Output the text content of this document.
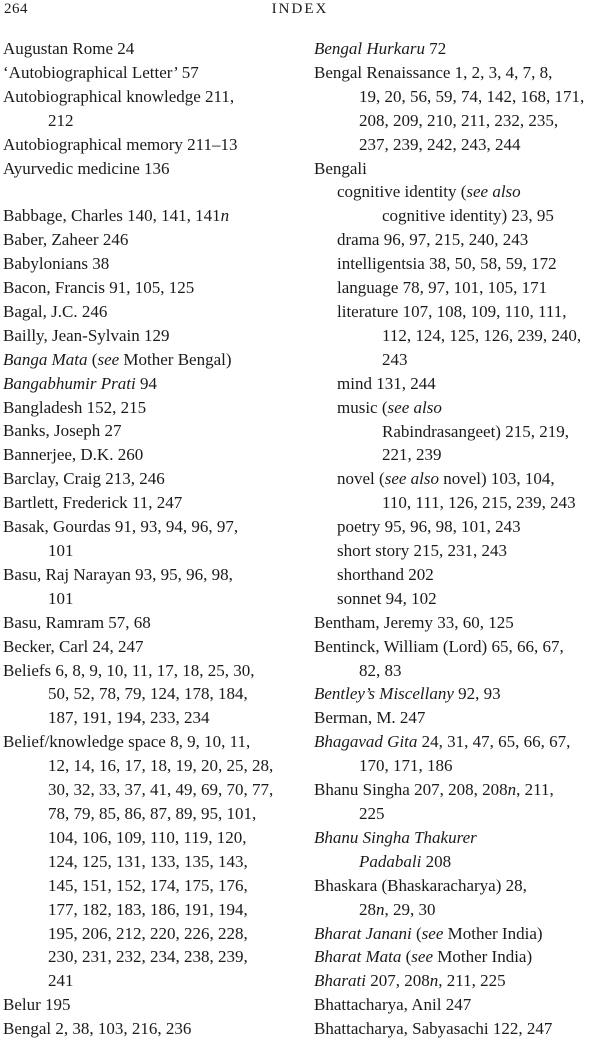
264	INDEX
Augustan Rome 24
‘Autobiographical Letter’ 57
Autobiographical knowledge 211,
212
Autobiographical memory 211–13
Ayurvedic medicine 136
Babbage, Charles 140, 141, 141n
Baber, Zaheer 246
Babylonians 38
Bacon, Francis 91, 105, 125
Bagal, J.C. 246
Bailly, Jean-Sylvain 129
Banga Mata (see Mother Bengal)
Bangabhumir Prati 94
Bangladesh 152, 215
Banks, Joseph 27
Bannerjee, D.K. 260
Barclay, Craig 213, 246
Bartlett, Frederick 11, 247
Basak, Gourdas 91, 93, 94, 96, 97,
101
Basu, Raj Narayan 93, 95, 96, 98,
101
Basu, Ramram 57, 68
Becker, Carl 24, 247
Beliefs 6, 8, 9, 10, 11, 17, 18, 25, 30,
50, 52, 78, 79, 124, 178, 184,
187, 191, 194, 233, 234
Belief/knowledge space 8, 9, 10, 11,
12, 14, 16, 17, 18, 19, 20, 25, 28,
30, 32, 33, 37, 41, 49, 69, 70, 77,
78, 79, 85, 86, 87, 89, 95, 101,
104, 106, 109, 110, 119, 120,
124, 125, 131, 133, 135, 143,
145, 151, 152, 174, 175, 176,
177, 182, 183, 186, 191, 194,
195, 206, 212, 220, 226, 228,
230, 231, 232, 234, 238, 239,
241
Belur 195
Bengal 2, 38, 103, 216, 236
Bengal Hurkaru 72
Bengal Renaissance 1, 2, 3, 4, 7, 8,
19, 20, 56, 59, 74, 142, 168, 171,
208, 209, 210, 211, 232, 235,
237, 239, 242, 243, 244
Bengali
cognitive identity (see also
cognitive identity) 23, 95
drama 96, 97, 215, 240, 243
intelligentsia 38, 50, 58, 59, 172
language 78, 97, 101, 105, 171
literature 107, 108, 109, 110, 111,
112, 124, 125, 126, 239, 240,
243
mind 131, 244
music (see also
Rabindrasangeet) 215, 219,
221, 239
novel (see also novel) 103, 104,
110, 111, 126, 215, 239, 243
poetry 95, 96, 98, 101, 243
short story 215, 231, 243
shorthand 202
sonnet 94, 102
Bentham, Jeremy 33, 60, 125
Bentinck, William (Lord) 65, 66, 67,
82, 83
Bentley’s Miscellany 92, 93
Berman, M. 247
Bhagavad Gita 24, 31, 47, 65, 66, 67,
170, 171, 186
Bhanu Singha 207, 208, 208n, 211,
225
Bhanu Singha Thakurer
Padabali 208
Bhaskara (Bhaskaracharya) 28,
28n, 29, 30
Bharat Janani (see Mother India)
Bharat Mata (see Mother India)
Bharati 207, 208n, 211, 225
Bhattacharya, Anil 247
Bhattacharya, Sabyasachi 122, 247
